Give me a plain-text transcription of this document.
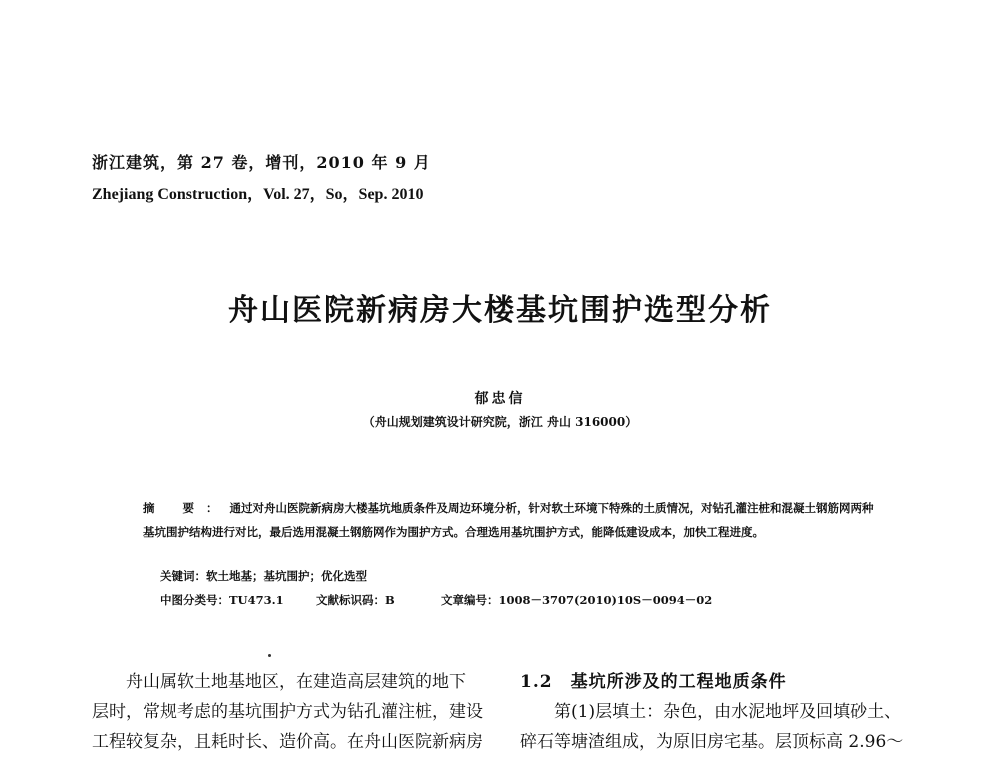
浙江建筑，第 27 卷，增刊，2010 年 9 月
Zhejiang Construction，Vol. 27，So，Sep. 2010
舟山医院新病房大楼基坑围护选型分析
郁忠信
（舟山规划建筑设计研究院，浙江 舟山 316000）
摘 要：通过对舟山医院新病房大楼基坑地质条件及周边环境分析，针对软土环境下特殊的土质情况，对钻孔灌注桩和混凝土钢筋网两种基坑围护结构进行对比，最后选用混凝土钢筋网作为围护方式。合理选用基坑围护方式，能降低建设成本，加快工程进度。
关键词：软土地基；基坑围护；优化选型
中图分类号：TU473.1	文献标识码：B	文章编号：1008－3707(2010)10S－0094－02
舟山属软土地基地区，在建造高层建筑的地下
层时，常规考虑的基坑围护方式为钻孔灌注桩，建设
工程较复杂，且耗时长、造价高。在舟山医院新病房
1.2　基坑所涉及的工程地质条件
第(1)层填土：杂色，由水泥地坪及回填砂土、
碎石等塘渣组成，为原旧房宅基。层顶标高 2.96～
